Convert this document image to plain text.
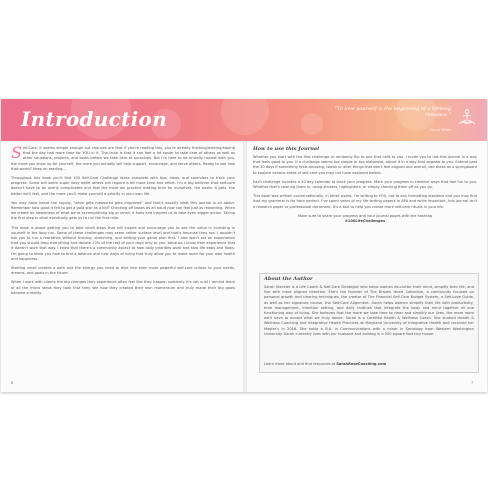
Introduction	"To love yourself is the beginning of a lifelong romance."
Oscar Wilde

Self-Care, it seems simple enough but chances are that if you're reading this, you're already thinking/wishing/hoping that the day had more time for YOU in it. The truth is that it can feel a lot easier to take care of others as well as other situations, projects, and tasks before we take care of ourselves. But I'm here to be brutally honest with you, the more you show up for yourself, the more you actually will help support, encourage, and serve others. Ready to see how that works? Keep on reading...

Throughout this book you'll find 100 Self-Care Challenge ideas complete with tips, ideas, and calendars to track your progress. Some will seem super easy while others will require a bit more time and effort. I'm a big believer that self-care doesn't have to be overly complicated and that the more we practice making time for ourselves, the easier it gets, the better we'll feel, and the more you'll make yourself a priority in your own life.

You may have heard the saying, "what gets measured gets improved" and that's exactly what this journal is all about. Remember how good it felt to get a gold star as a kid? Checking off boxes as an adult now can feel just as rewarding. When we create an awareness of what we're accomplishing big or small, it fuels and inspires us to take even bigger action. Taking the first step is what eventually gets us to run the first mile.

This book is about getting you to take small steps that will inspire and encourage you to see the value in investing in yourself in the long run. Some of these challenges may seem rather surface level and that's because they are. I wouldn't ask you to run a marathon without training, stretching, and setting your game plan first. I also won't set an expectation that you should drop everything and devote 10% of the rest of your days only to you, because I know from experience that it doesn't work that way. I know that there's a community aspect to how daily priorities work and how life ebbs and flows. I'm going to show you how to find a balance and new ways of living that truly allow you to make room for your own health and happiness.

Starting small creates a path and the energy you need to dive into even more powerful self-care unique to your needs, dreams, and goals in the future.

When I work with clients the big changes they experience often feel like they happen suddenly. It's not until I remind them of all the micro steps they took that they see how they created their own momentum and truly made their big goals become a reality.

6
How to use this Journal

Whether you start with the first challenge or randomly flip to one that calls to you, I invite you to use this journal in a way that feels good to you. If a challenge seems too simple or too elaborate, adjust it in a way that appeals to you. Extend past the 30 days if something feels amazing, tweak or alter things that don't feel aligned and overall, use these as a springboard to explore various areas of self-care you may not have explored before.

Each challenge includes a 30 day calendar to track your progress. Mark your progress in creative ways that feel fun to you. Whether that's coloring them in, using stickers, highlighters, or simply checking them off as you go.

This book was written conversationally, in other words, I'm writing to YOU, not to any formatting standard and you may find that my grammar is far from perfect. I've spent years of my life writing papers in APA and while important, this journal isn't a research paper or professional document. It's a tool to help you create more self-care rituals in your life.

Make sure to share your progress and your journal pages with the hashtag

#100LifeChallenges

About the Author

Sarah Steckler is a Life Coach & Self-Care Strategist who helps women de-clutter their mind, simplify their life, and live with more aligned intention. She's the founder of The Brazen Heart Collective, a community focused on personal growth and clearing techniques, the creator of The Financial Self-Care Budget System, a Self-Love Guide, as well as her signature course, the Self-Care Alignment. Sarah helps women simplify their life with productivity, time management, intention setting, and daily routines that integrate the body and mind together at one functioning way of living. She believes that the more we take time to clear and simplify our lives, the more room we'll have to accept what we truly desire. Sarah is a Certified Health & Wellness Coach. She studied Health & Wellness Coaching and Integrative Health Practices at Maryland University of Integrative Health and received her Master's in 2016. She holds a B.A. in Communications with a minor in Sociology from Western Washington University. Sarah currently lives with her husband and bulldog in a 500 square foot tiny house.

Learn more about and find resources at SarahRoseCoaching.com
7
